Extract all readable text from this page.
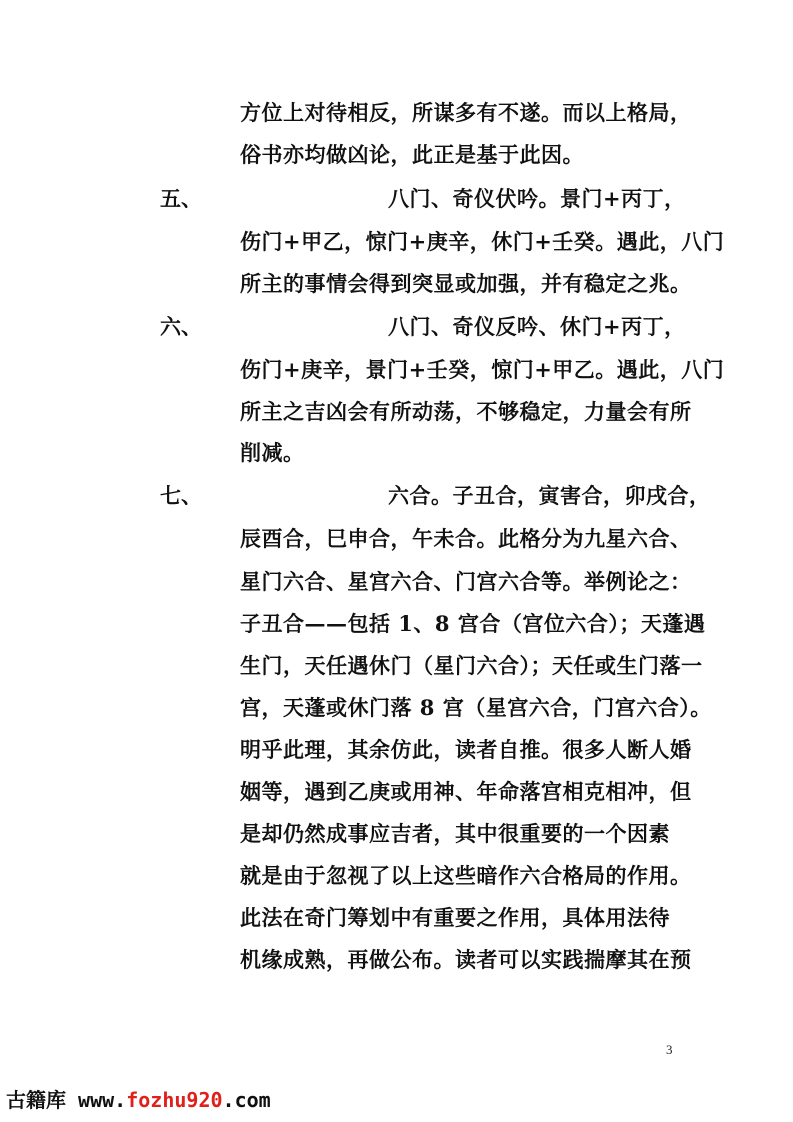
方位上对待相反，所谋多有不遂。而以上格局，
俗书亦均做凶论，此正是基于此因。
五、	八门、奇仪伏吟。景门+丙丁，
伤门+甲乙，惊门+庚辛，休门+壬癸。遇此，八门
所主的事情会得到突显或加强，并有稳定之兆。
六、	八门、奇仪反吟、休门+丙丁，
伤门+庚辛，景门+壬癸，惊门+甲乙。遇此，八门
所主之吉凶会有所动荡，不够稳定，力量会有所
削减。
七、	六合。子丑合，寅害合，卯戌合，
辰酉合，巳申合，午未合。此格分为九星六合、
星门六合、星宫六合、门宫六合等。举例论之：
子丑合——包括 1、8 宫合（宫位六合）；天蓬遇
生门，天任遇休门（星门六合）；天任或生门落一
宫，天蓬或休门落 8 宫（星宫六合，门宫六合）。
明乎此理，其余仿此，读者自推。很多人断人婚
姻等，遇到乙庚或用神、年命落宫相克相冲，但
是却仍然成事应吉者，其中很重要的一个因素
就是由于忽视了以上这些暗作六合格局的作用。
此法在奇门筹划中有重要之作用，具体用法待
机缘成熟，再做公布。读者可以实践揣摩其在预
3
古籍库 www.fozhu920.com
